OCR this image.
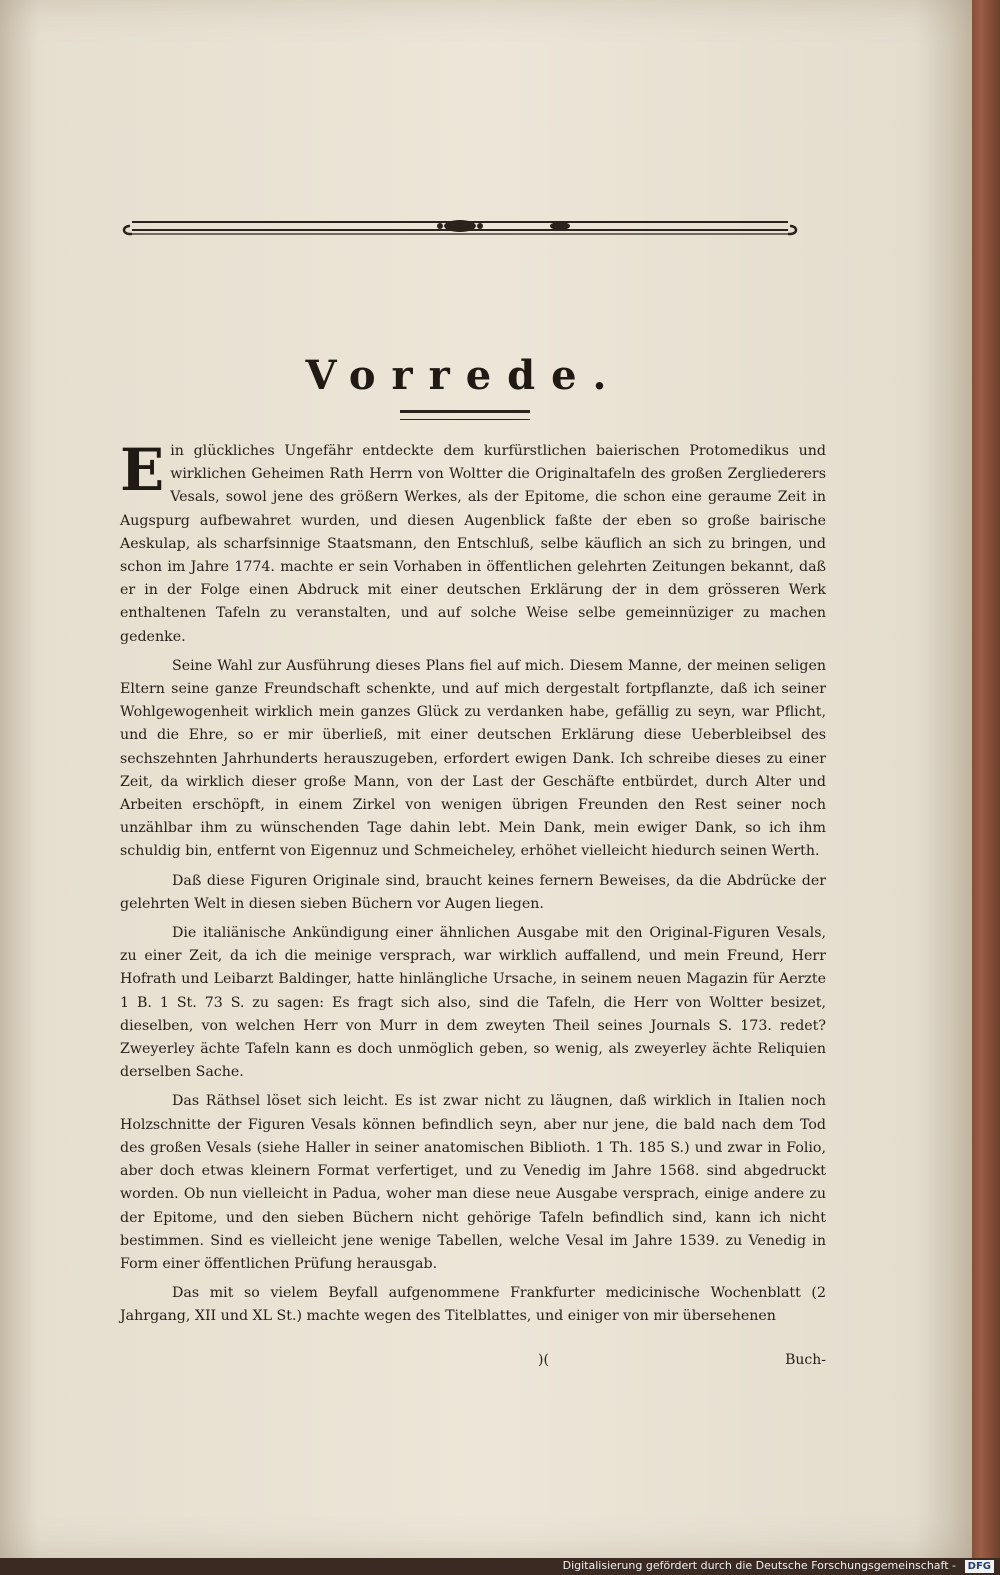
Vorrede.

Ein glückliches Ungefähr entdeckte dem kurfürstlichen baierischen Protomedikus und wirklichen Geheimen Rath Herrn von Woltter die Originaltafeln des großen Zergliederers Vesals, sowol jene des größern Werkes, als der Epitome, die schon eine geraume Zeit in Augspurg aufbewahret wurden, und diesen Augenblick faßte der eben so große bairische Aeskulap, als scharfsinnige Staatsmann, den Entschluß, selbe käuflich an sich zu bringen, und schon im Jahre 1774. machte er sein Vorhaben in öffentlichen gelehrten Zeitungen bekannt, daß er in der Folge einen Abdruck mit einer deutschen Erklärung der in dem grösseren Werk enthaltenen Tafeln zu veranstalten, und auf solche Weise selbe gemeinnüziger zu machen gedenke.

Seine Wahl zur Ausführung dieses Plans fiel auf mich. Diesem Manne, der meinen seligen Eltern seine ganze Freundschaft schenkte, und auf mich dergestalt fortpflanzte, daß ich seiner Wohlgewogenheit wirklich mein ganzes Glück zu verdanken habe, gefällig zu seyn, war Pflicht, und die Ehre, so er mir überließ, mit einer deutschen Erklärung diese Ueberbleibsel des sechszehnten Jahrhunderts herauszugeben, erfordert ewigen Dank. Ich schreibe dieses zu einer Zeit, da wirklich dieser große Mann, von der Last der Geschäfte entbürdet, durch Alter und Arbeiten erschöpft, in einem Zirkel von wenigen übrigen Freunden den Rest seiner noch unzählbar ihm zu wünschenden Tage dahin lebt. Mein Dank, mein ewiger Dank, so ich ihm schuldig bin, entfernt von Eigennuz und Schmeicheley, erhöhet vielleicht hiedurch seinen Werth.

Daß diese Figuren Originale sind, braucht keines fernern Beweises, da die Abdrücke der gelehrten Welt in diesen sieben Büchern vor Augen liegen.

Die italiänische Ankündigung einer ähnlichen Ausgabe mit den Original-Figuren Vesals, zu einer Zeit, da ich die meinige versprach, war wirklich auffallend, und mein Freund, Herr Hofrath und Leibarzt Baldinger, hatte hinlängliche Ursache, in seinem neuen Magazin für Aerzte 1 B. 1 St. 73 S. zu sagen: Es fragt sich also, sind die Tafeln, die Herr von Woltter besizet, dieselben, von welchen Herr von Murr in dem zweyten Theil seines Journals S. 173. redet? Zweyerley ächte Tafeln kann es doch unmöglich geben, so wenig, als zweyerley ächte Reliquien derselben Sache.

Das Räthsel löset sich leicht. Es ist zwar nicht zu läugnen, daß wirklich in Italien noch Holzschnitte der Figuren Vesals können befindlich seyn, aber nur jene, die bald nach dem Tod des großen Vesals (siehe Haller in seiner anatomischen Biblioth. 1 Th. 185 S.) und zwar in Folio, aber doch etwas kleinern Format verfertiget, und zu Venedig im Jahre 1568. sind abgedruckt worden. Ob nun vielleicht in Padua, woher man diese neue Ausgabe versprach, einige andere zu der Epitome, und den sieben Büchern nicht gehörige Tafeln befindlich sind, kann ich nicht bestimmen. Sind es vielleicht jene wenige Tabellen, welche Vesal im Jahre 1539. zu Venedig in Form einer öffentlichen Prüfung herausgab.

Das mit so vielem Beyfall aufgenommene Frankfurter medicinische Wochenblatt (2 Jahrgang, XII und XL St.) machte wegen des Titelblattes, und einiger von mir übersehenen

)(	Buch-
Digitalisierung gefördert durch die Deutsche Forschungsgemeinschaft -	DFG
